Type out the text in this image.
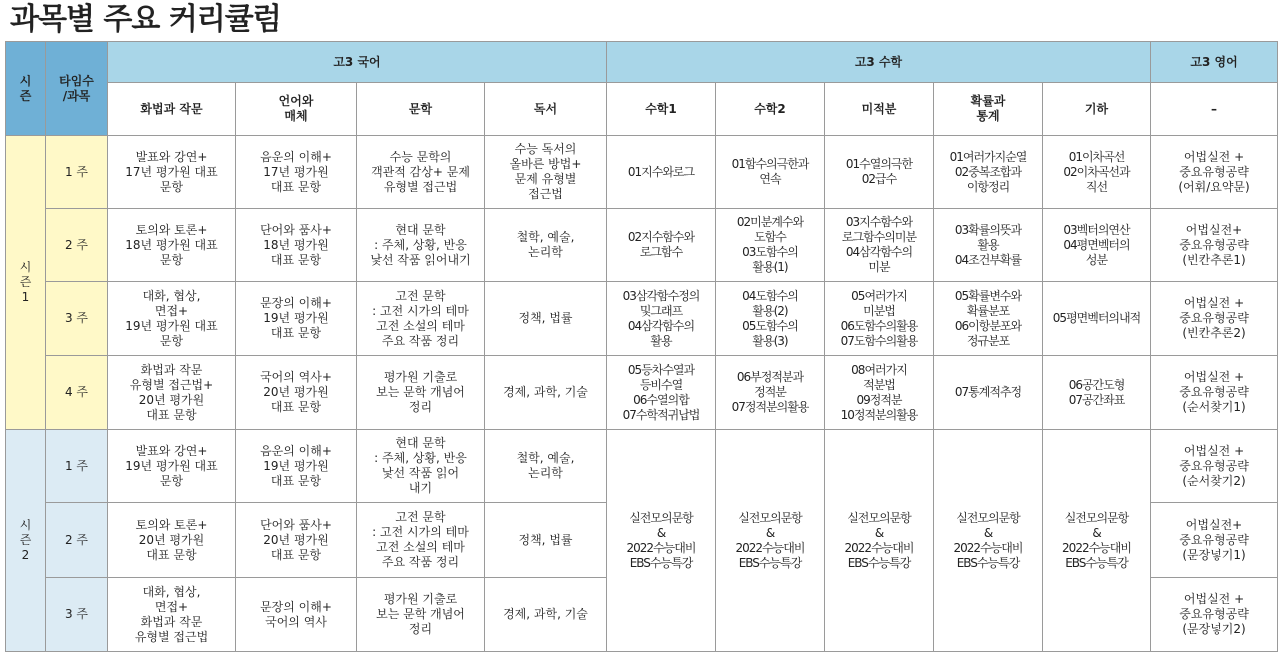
과목별 주요 커리큘럼
시
즌	타임수
/과목	고3 국어				고3 수학					고3 영어
		화법과 작문	언어와
매체	문학	독서	수학1	수학2	미적분	확률과
통계	기하	–
시
즌
1	1 주	발표와 강연+
17년 평가원 대표
문항	음운의 이해+
17년 평가원
대표 문항	수능 문학의
객관적 감상+ 문제
유형별 접근법	수능 독서의
올바른 방법+
문제 유형별
접근법	01지수와로그	01함수의극한과
연속	01수열의극한
02급수	01여러가지순열
02중복조합과
이항정리	01이차곡선
02이차곡선과
직선	어법실전 +
중요유형공략
(어휘/요약문)
	2 주	토의와 토론+
18년 평가원 대표
문항	단어와 품사+
18년 평가원
대표 문항	현대 문학
: 주체, 상황, 반응
낯선 작품 읽어내기	철학, 예술,
논리학	02지수함수와
로그함수	02미분계수와
도함수
03도함수의
활용(1)	03지수함수와
로그함수의미분
04삼각함수의
미분	03확률의뜻과
활용
04조건부확률	03벡터의연산
04평면벡터의
성분	어법실전+
중요유형공략
(빈칸추론1)
	3 주	대화, 협상,
면접+
19년 평가원 대표
문항	문장의 이해+
19년 평가원
대표 문항	고전 문학
: 고전 시가의 테마
고전 소설의 테마
주요 작품 정리	정책, 법률	03삼각함수정의
및그래프
04삼각함수의
활용	04도함수의
활용(2)
05도함수의
활용(3)	05여러가지
미분법
06도함수의활용
07도함수의활용	05확률변수와
확률분포
06이항분포와
정규분포	05평면벡터의내적	어법실전 +
중요유형공략
(빈칸추론2)
	4 주	화법과 작문
유형별 접근법+
20년 평가원
대표 문항	국어의 역사+
20년 평가원
대표 문항	평가원 기출로
보는 문학 개념어
정리	경제, 과학, 기술	05등차수열과
등비수열
06수열의합
07수학적귀납법	06부정적분과
정적분
07정적분의활용	08여러가지
적분법
09정적분
10정적분의활용	07통계적추정	06공간도형
07공간좌표	어법실전 +
중요유형공략
(순서찾기1)
시
즌
2	1 주	발표와 강연+
19년 평가원 대표
문항	음운의 이해+
19년 평가원
대표 문항	현대 문학
: 주체, 상황, 반응
낯선 작품 읽어
내기	철학, 예술,
논리학	실전모의문항
&
2022수능대비
EBS수능특강	실전모의문항
&
2022수능대비
EBS수능특강	실전모의문항
&
2022수능대비
EBS수능특강	실전모의문항
&
2022수능대비
EBS수능특강	실전모의문항
&
2022수능대비
EBS수능특강	어법실전 +
중요유형공략
(순서찾기2)
	2 주	토의와 토론+
20년 평가원
대표 문항	단어와 품사+
20년 평가원
대표 문항	고전 문학
: 고전 시가의 테마
고전 소설의 테마
주요 작품 정리	정책, 법률						어법실전+
중요유형공략
(문장넣기1)
	3 주	대화, 협상,
면접+
화법과 작문
유형별 접근법	문장의 이해+
국어의 역사	평가원 기출로
보는 문학 개념어
정리	경제, 과학, 기술						어법실전 +
중요유형공략
(문장넣기2)
